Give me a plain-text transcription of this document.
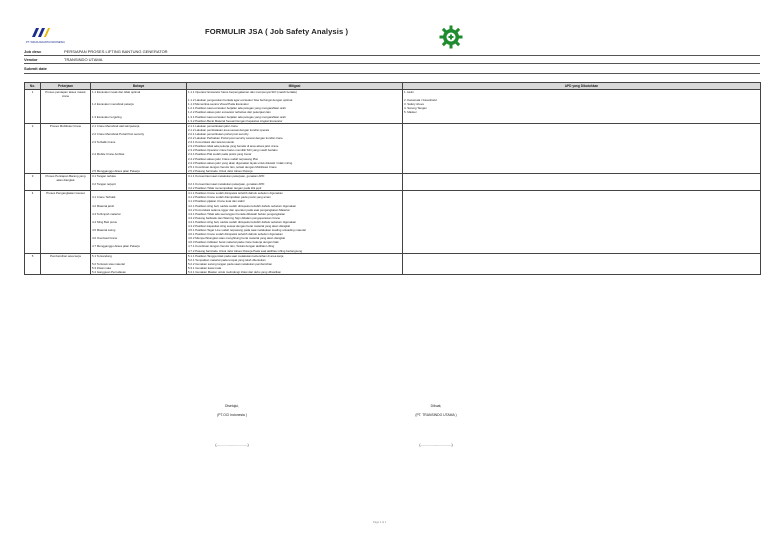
PT. WIDJAJAKARTA INDONESIA
FORMULIR JSA ( Job Safety Analysis )
Job desc	PERSIAPAN PROSES LIFTING BANTUNG GENERATOR
Vendor	TRANSINDO UTAMA
Submit date
No.	Pekerjaan	Bahaya	Mitigasi	APD yang Dibutuhkan
1	Proses persiapan akses masuk crane	1.1 Excavator rusak dan tidak optimal	1.1.1 Operator Excavator harus berpengalaman dan mempunyai SIO (masih berlaku)	1. Helm
			1.1.2 Lakukan pengecekan berkala agar excavator bisa berfungsi dengan optimal	2. Kacamata / Faceshield
		1.2 Excavator menabrak pekerja	1.1.3 Memeriksa secara Visual Pada Excavator	3. Safety shoes
			1.2.1 Pastikan saat excavator berjalan ada petugas yang mengarahkan arah	4. Sarung Tangan
			1.2.2 Pastikan akses jalur excavator terbebas dari pekerjaan lain	5. Masker
		1.3 Excavator terguling	1.3.1 Pastikan saat excavator berjalan ada petugas yang mengarahkan arah	
			1.3.2 Pastikan Berat Material Sesuai Dengan Kapasitas Angkat Excavator	
2	Proses Mobilisasi Crane	2.1 Crane Menabrak alat lain/pekerja	2.1.1 Lakukan pemeriksaan jalur crane	
			2.1.2 Lakukan pembatasan area sesuai dengan kondisi operasi	
		2.2 Crane Menabrak Portal Post security	2.2.1 Lakukan pemeriksaan portal post security	
			2.2.2 Lakukan Perbaikan Portal post security sesuai dengan kondisi crane	
		2.3 Terbalik Crane	2.3.1 Komunikasi dan tata komando	
			2.3.2 Pastikan tidak ada pekerja yang berada di area akses jalur crane	
			2.3.3 Pastikan Operator crane harus memiliki SIO yang masih berlaku	
		2.4 Mobile Crane Amblas	2.4.1 Pastikan Plat sudah pada posisi yang benar	
			2.4.2 Pastikan akses jalur Crane sudah terpasang Plat	
			2.4.3 Pastikan akses jalur yang akan digunakan layak untuk dilewati / tidak miring	
			2.5.1 Koordinasi dengan Vendor lain, terkait dengan Mobilisasi Crane	
		2.5 Mengganggu Akses jalan Pekerja	2.5.2 Pasang barricade Untuk Jalur Akses Pekerja	
3	Proses Persiapan Barang yang akan diangkat	3.1 Tangan terluka	3.1.1 Konsentrasi saat melakukan pekerjaan, gunakan APD	

		3.2 Tangan terjepit	3.2.1 Konsentrasi saat melakukan pekerjaan, gunakan APD	

			3.2.2 Pastikan Tidak menempatkan tangan pada titik jepit	
4	Proses Pengangkatan Genset		4.1.1 Pastikan Crane sudah diinspeksi terlebih dahulu sebelum digunakan	
		4.1 Crane Terbalik	4.1.2 Pastikan Crane sudah ditempatkan pada posisi yang aman	
			4.1.3 Pastikan pijakan Crane kuat dan stabil	
		4.2 Material jatuh	4.2.1 Pastikan sling belt, sackle sudah diinspeksi terlebih dahulu sebelum digunakan	
			4.2.2 Komunikasi selama rigger dan operator pada saat pengangkatan Material	
		4.3 Terlimpah material	4.3.1 Pastikan Tidak ada seorangpun berada dibawah beban pengangkatan	
			4.3.2 Pasang barikade dan Warning Sign didalam pengoperasian Crane	
		4.4 Sling Belt putus	4.4.1 Pastikan sling belt, sackle sudah diinspeksi terlebih dahulu sebelum digunakan	
			4.4.2 Pastikan kapasitas sling sesuai dengan berat material yang akan diangkat	
		4.5 Material swing	4.5.1 Pastikan Tagar Line sudah terpasang pada saat melakukan loading unloading material	
			4.6.1 Pastikan Crane sudah diinspeksi terlebih dahulu sebelum digunakan	
		4.6 Overload Crane	4.6.2 Memperhitungkan atau menghitung berat material yang akan diangkat	
			4.6.3 Pastikan indikator berat material pada crane bekerja dengan baik	
		4.7 Mengganggu Akses jalan Pekerja	4.7.1 Koordinasi dengan Vendor lain, Terkait dengan aktifitas Lifting	
			4.7.2 Pasang barricade Untuk Jalur Akses Pekerja Pada saat aktifitas Lifting berlangsung	
5	Pembersihan area kerja	5.1 Tersandung	5.1.1 Pastikan Tangga tidak pada saat melakukan kebersihan di area kerja	
			5.2.1 Tempatkan material pada tempat yang telah ditentukan	
		5.2 Tertusuk sisa material	5.2.2 Gunakan sarung tangan pada saat melakukan pembersihan	
		5.3 Iritasi mata	5.3.1 Gunakan kaca mata	
		5.4 Gangguan Pernafasan	5.4.1 Gunakan Masker untuk melindungi iritasi dari debu yang dihasilkan	
Disetujui,
(PT.OCI Indonesia )
(.................................)
Dibuat,
(PT. TRANSINDO UTAMA )
(.................................)
Page 1 of 1
